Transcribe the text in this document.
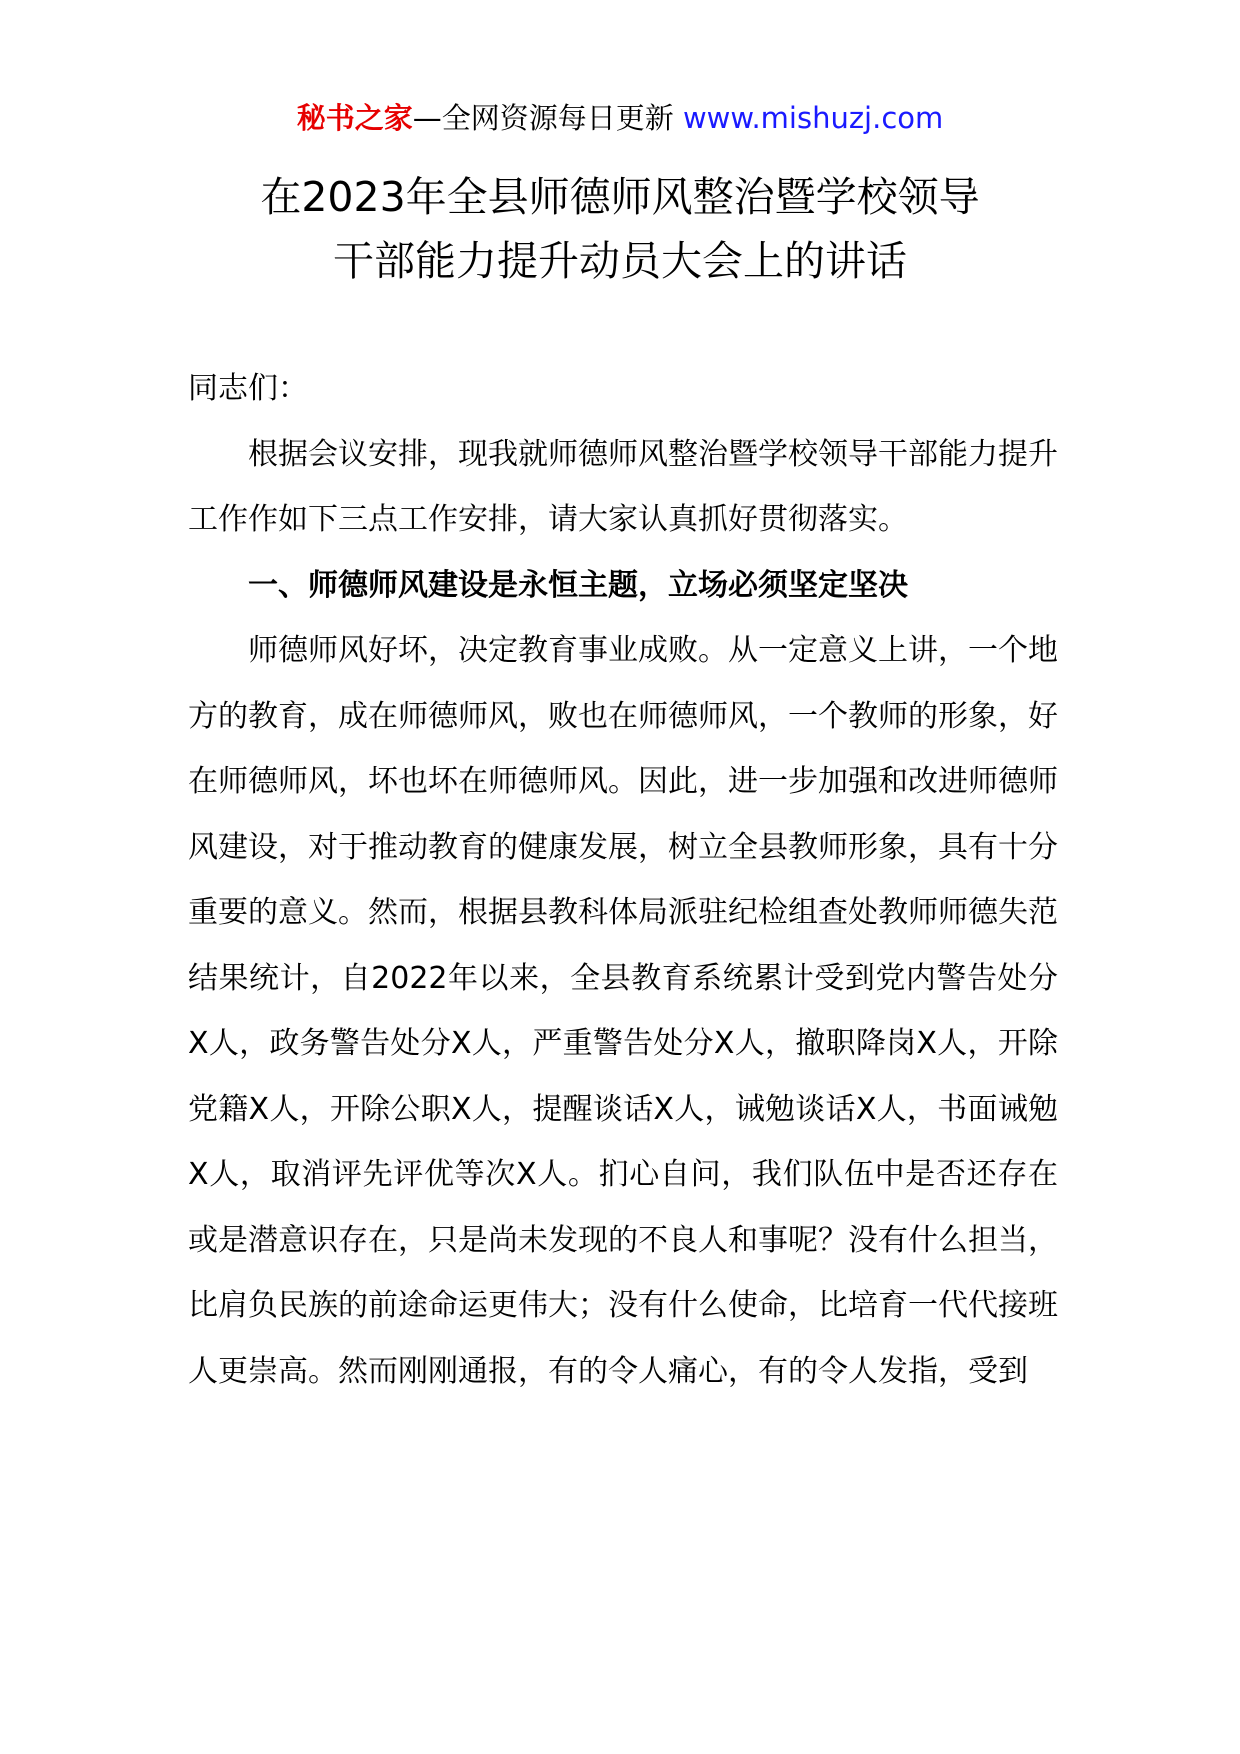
秘书之家—全网资源每日更新 www.mishuzj.com
在2023年全县师德师风整治暨学校领导
干部能力提升动员大会上的讲话

同志们：

根据会议安排，现我就师德师风整治暨学校领导干部能力提升工作作如下三点工作安排，请大家认真抓好贯彻落实。

一、师德师风建设是永恒主题，立场必须坚定坚决

师德师风好坏，决定教育事业成败。从一定意义上讲，一个地方的教育，成在师德师风，败也在师德师风，一个教师的形象，好在师德师风，坏也坏在师德师风。因此，进一步加强和改进师德师风建设，对于推动教育的健康发展，树立全县教师形象，具有十分重要的意义。然而，根据县教科体局派驻纪检组查处教师师德失范结果统计，自2022年以来，全县教育系统累计受到党内警告处分X人，政务警告处分X人，严重警告处分X人，撤职降岗X人，开除党籍X人，开除公职X人，提醒谈话X人，诫勉谈话X人，书面诫勉X人，取消评先评优等次X人。扪心自问，我们队伍中是否还存在或是潜意识存在，只是尚未发现的不良人和事呢？没有什么担当，比肩负民族的前途命运更伟大；没有什么使命，比培育一代代接班人更崇高。然而刚刚通报，有的令人痛心，有的令人发指，受到
